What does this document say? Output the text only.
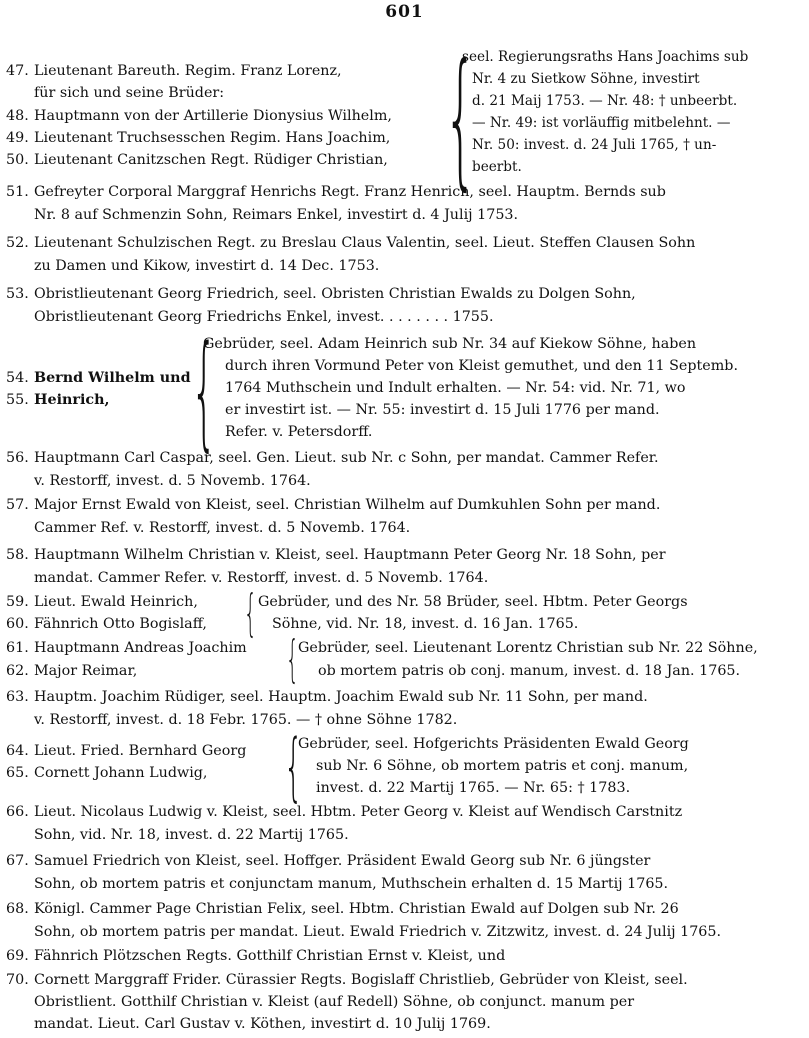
601
47. Lieutenant Bareuth. Regim. Franz Lorenz,
für sich und seine Brüder:
48. Hauptmann von der Artillerie Dionysius Wilhelm,
49. Lieutenant Truchsesschen Regim. Hans Joachim,
50. Lieutenant Canitzschen Regt. Rüdiger Christian, {
seel. Regierungsraths Hans Joachims sub
Nr. 4 zu Sietkow Söhne, investirt
d. 21 Maij 1753. — Nr. 48: † unbeerbt.
— Nr. 49: ist vorläuffig mitbelehnt. —
Nr. 50: invest. d. 24 Juli 1765, † un-
beerbt.
51. Gefreyter Corporal Marggraf Henrichs Regt. Franz Henrich, seel. Hauptm. Bernds sub
Nr. 8 auf Schmenzin Sohn, Reimars Enkel, investirt d. 4 Julij 1753.
52. Lieutenant Schulzischen Regt. zu Breslau Claus Valentin, seel. Lieut. Steffen Clausen Sohn
zu Damen und Kikow, investirt d. 14 Dec. 1753.
53. Obristlieutenant Georg Friedrich, seel. Obristen Christian Ewalds zu Dolgen Sohn,
Obristlieutenant Georg Friedrichs Enkel, invest. . . . . . . . 1755.
54. Bernd Wilhelm und
55. Heinrich, {
Gebrüder, seel. Adam Heinrich sub Nr. 34 auf Kiekow Söhne, haben
durch ihren Vormund Peter von Kleist gemuthet, und den 11 Septemb.
1764 Muthschein und Indult erhalten. — Nr. 54: vid. Nr. 71, wo
er investirt ist. — Nr. 55: investirt d. 15 Juli 1776 per mand.
Refer. v. Petersdorff.
56. Hauptmann Carl Caspar, seel. Gen. Lieut. sub Nr. c Sohn, per mandat. Cammer Refer.
v. Restorff, invest. d. 5 Novemb. 1764.
57. Major Ernst Ewald von Kleist, seel. Christian Wilhelm auf Dumkuhlen Sohn per mand.
Cammer Ref. v. Restorff, invest. d. 5 Novemb. 1764.
58. Hauptmann Wilhelm Christian v. Kleist, seel. Hauptmann Peter Georg Nr. 18 Sohn, per
mandat. Cammer Refer. v. Restorff, invest. d. 5 Novemb. 1764.
59. Lieut. Ewald Heinrich,
60. Fähnrich Otto Bogislaff, { Gebrüder, und des Nr. 58 Brüder, seel. Hbtm. Peter Georgs
Söhne, vid. Nr. 18, invest. d. 16 Jan. 1765.
61. Hauptmann Andreas Joachim
62. Major Reimar,	{ Gebrüder, seel. Lieutenant Lorentz Christian sub Nr. 22 Söhne,
ob mortem patris ob conj. manum, invest. d. 18 Jan. 1765.
63. Hauptm. Joachim Rüdiger, seel. Hauptm. Joachim Ewald sub Nr. 11 Sohn, per mand.
v. Restorff, invest. d. 18 Febr. 1765. — † ohne Söhne 1782.
64. Lieut. Fried. Bernhard Georg
65. Cornett Johann Ludwig, {
Gebrüder, seel. Hofgerichts Präsidenten Ewald Georg
sub Nr. 6 Söhne, ob mortem patris et conj. manum,
invest. d. 22 Martij 1765. — Nr. 65: † 1783.
66. Lieut. Nicolaus Ludwig v. Kleist, seel. Hbtm. Peter Georg v. Kleist auf Wendisch Carstnitz
Sohn, vid. Nr. 18, invest. d. 22 Martij 1765.
67. Samuel Friedrich von Kleist, seel. Hoffger. Präsident Ewald Georg sub Nr. 6 jüngster
Sohn, ob mortem patris et conjunctam manum, Muthschein erhalten d. 15 Martij 1765.
68. Königl. Cammer Page Christian Felix, seel. Hbtm. Christian Ewald auf Dolgen sub Nr. 26
Sohn, ob mortem patris per mandat. Lieut. Ewald Friedrich v. Zitzwitz, invest. d. 24 Julij 1765.
69. Fähnrich Plötzschen Regts. Gotthilf Christian Ernst v. Kleist, und
70. Cornett Marggraff Frider. Cürassier Regts. Bogislaff Christlieb, Gebrüder von Kleist, seel.
Obristlient. Gotthilf Christian v. Kleist (auf Redell) Söhne, ob conjunct. manum per
mandat. Lieut. Carl Gustav v. Köthen, investirt d. 10 Julij 1769.
